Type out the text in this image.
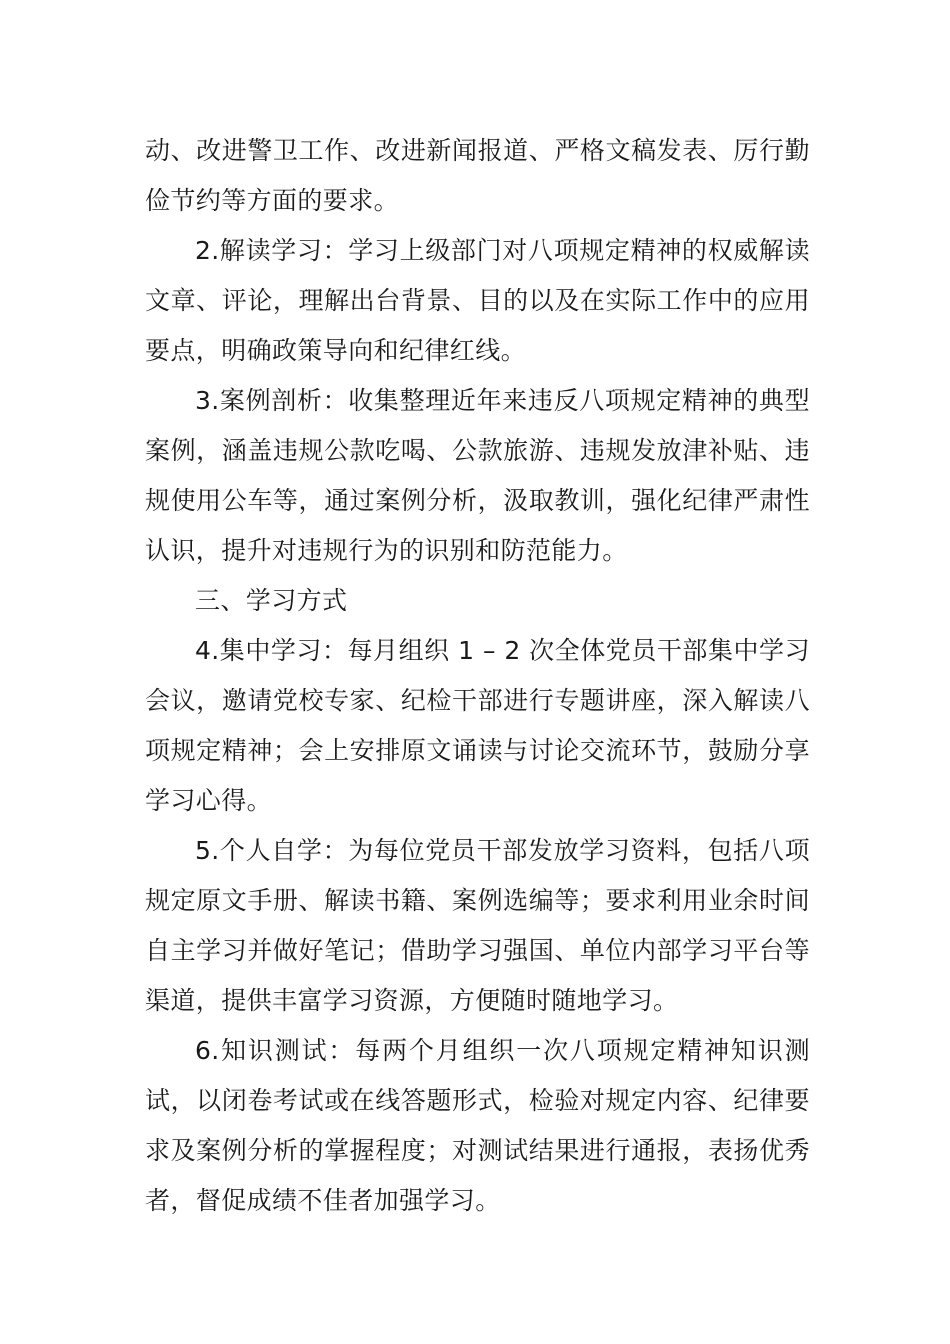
动、改进警卫工作、改进新闻报道、严格文稿发表、厉行勤俭节约等方面的要求。

2.解读学习：学习上级部门对八项规定精神的权威解读文章、评论，理解出台背景、目的以及在实际工作中的应用要点，明确政策导向和纪律红线。

3.案例剖析：收集整理近年来违反八项规定精神的典型案例，涵盖违规公款吃喝、公款旅游、违规发放津补贴、违规使用公车等，通过案例分析，汲取教训，强化纪律严肃性认识，提升对违规行为的识别和防范能力。

三、学习方式

4.集中学习：每月组织 1 – 2 次全体党员干部集中学习会议，邀请党校专家、纪检干部进行专题讲座，深入解读八项规定精神；会上安排原文诵读与讨论交流环节，鼓励分享学习心得。

5.个人自学：为每位党员干部发放学习资料，包括八项规定原文手册、解读书籍、案例选编等；要求利用业余时间自主学习并做好笔记；借助学习强国、单位内部学习平台等渠道，提供丰富学习资源，方便随时随地学习。

6.知识测试：每两个月组织一次八项规定精神知识测试，以闭卷考试或在线答题形式，检验对规定内容、纪律要求及案例分析的掌握程度；对测试结果进行通报，表扬优秀者，督促成绩不佳者加强学习。
